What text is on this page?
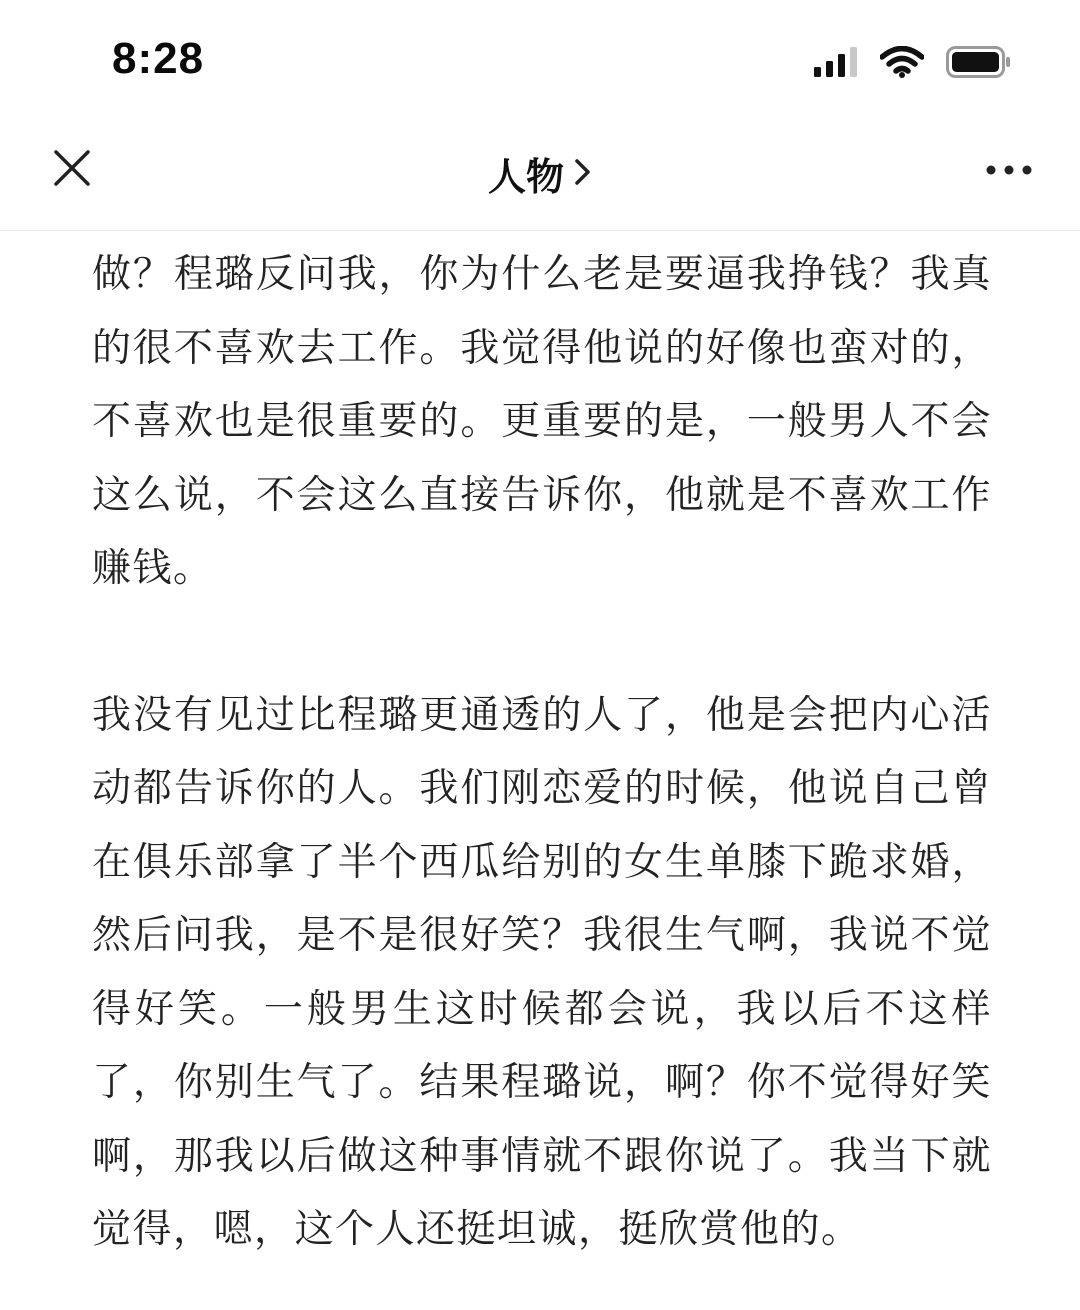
8:28
人物

做？程璐反问我，你为什么老是要逼我挣钱？我真的很不喜欢去工作。我觉得他说的好像也蛮对的，不喜欢也是很重要的。更重要的是，一般男人不会这么说，不会这么直接告诉你，他就是不喜欢工作赚钱。

我没有见过比程璐更通透的人了，他是会把内心活动都告诉你的人。我们刚恋爱的时候，他说自己曾在俱乐部拿了半个西瓜给别的女生单膝下跪求婚，然后问我，是不是很好笑？我很生气啊，我说不觉得好笑。一般男生这时候都会说，我以后不这样了，你别生气了。结果程璐说，啊？你不觉得好笑啊，那我以后做这种事情就不跟你说了。我当下就觉得，嗯，这个人还挺坦诚，挺欣赏他的。
